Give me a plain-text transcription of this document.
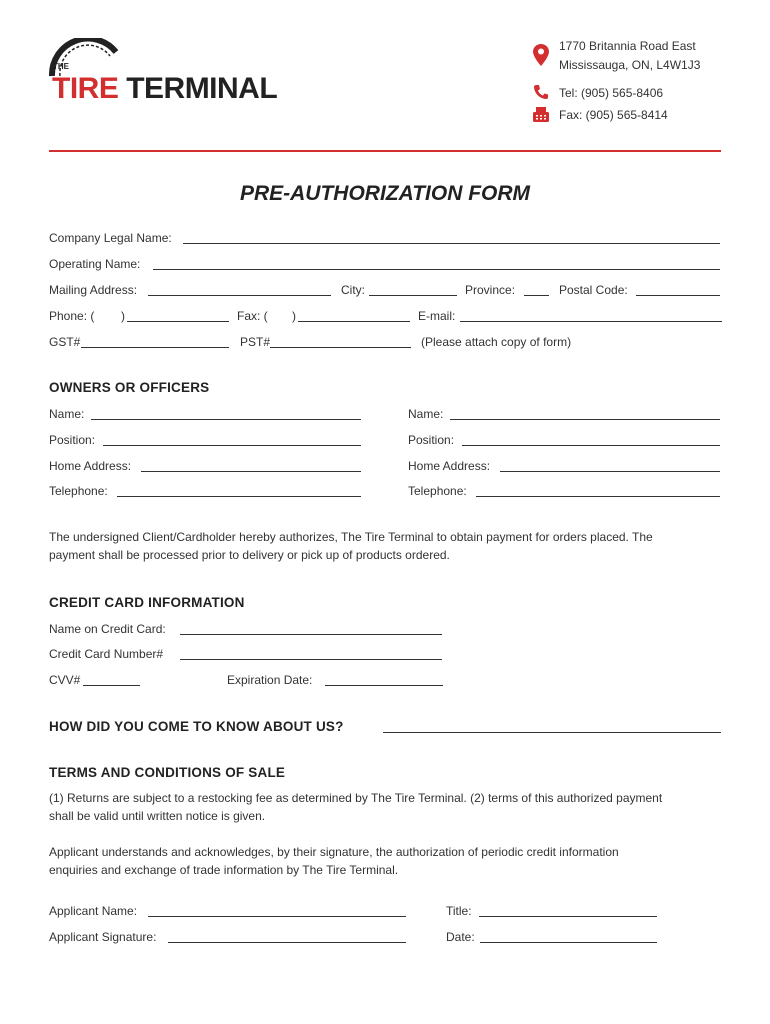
THE
TIRE TERMINAL
1770 Britannia Road East
Mississauga, ON, L4W1J3
Tel: (905) 565-8406
Fax: (905) 565-8414
PRE-AUTHORIZATION FORM
Company Legal Name:
Operating Name:
Mailing Address:	City:	Province:	Postal Code:
Phone: ( )	Fax: ( )	E-mail:
GST#	PST#	(Please attach copy of form)
OWNERS OR OFFICERS
Name:	Name:
Position:	Position:
Home Address:	Home Address:
Telephone:	Telephone:
The undersigned Client/Cardholder hereby authorizes, The Tire Terminal to obtain payment for orders placed. The
payment shall be processed prior to delivery or pick up of products ordered.
CREDIT CARD INFORMATION
Name on Credit Card:
Credit Card Number#
CVV#	Expiration Date:
HOW DID YOU COME TO KNOW ABOUT US?
TERMS AND CONDITIONS OF SALE
(1) Returns are subject to a restocking fee as determined by The Tire Terminal. (2) terms of this authorized payment
shall be valid until written notice is given.
Applicant understands and acknowledges, by their signature, the authorization of periodic credit information
enquiries and exchange of trade information by The Tire Terminal.
Applicant Name:	Title:
Applicant Signature:	Date:
